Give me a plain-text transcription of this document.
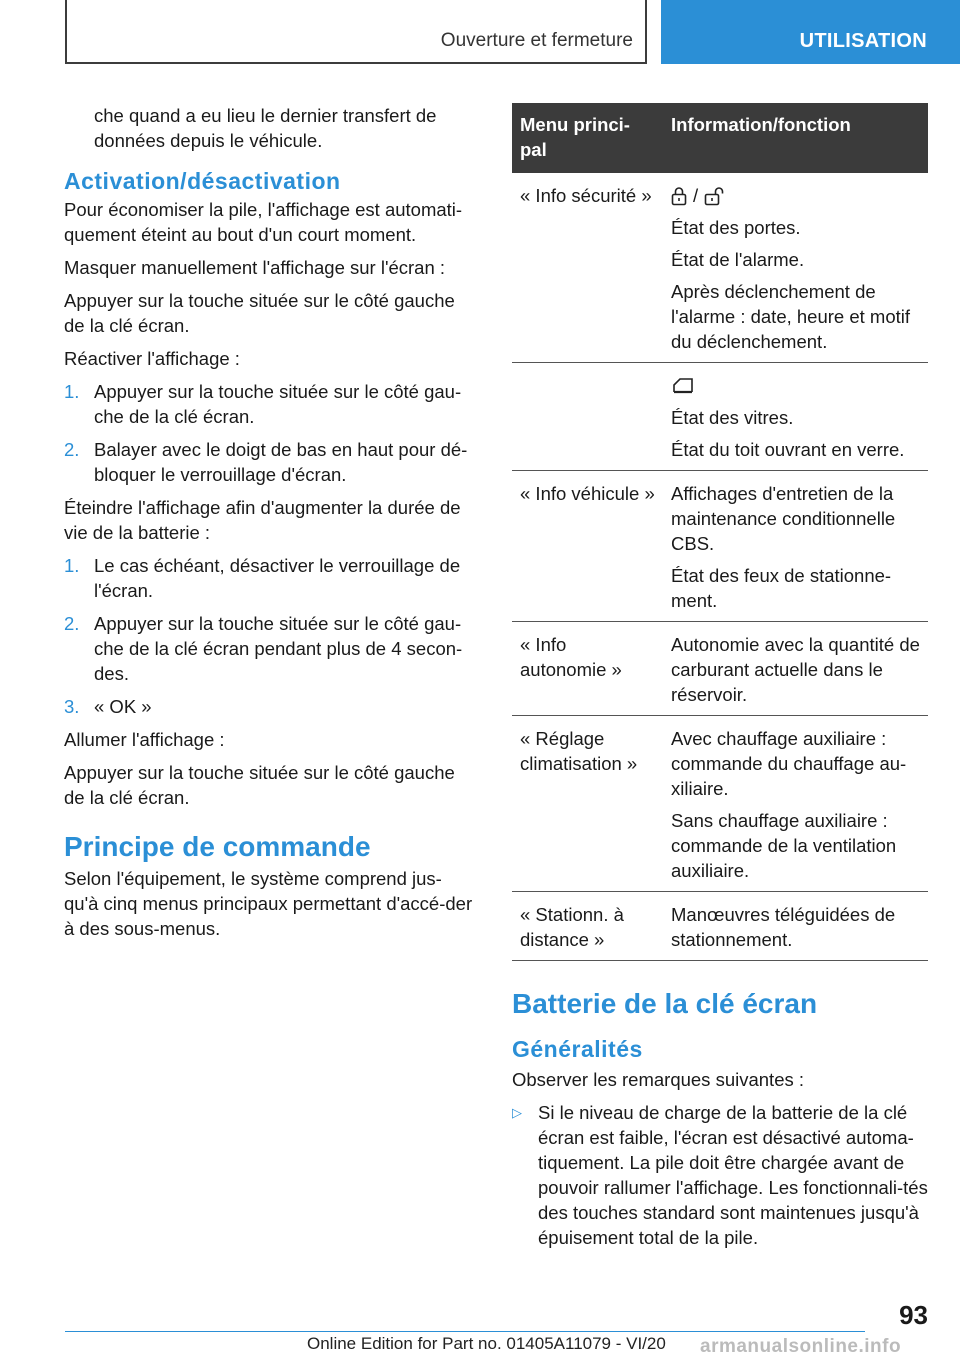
Ouverture et fermeture	UTILISATION

che quand a eu lieu le dernier transfert de données depuis le véhicule.

Activation/désactivation

Pour économiser la pile, l'affichage est automati-quement éteint au bout d'un court moment.

Masquer manuellement l'affichage sur l'écran :

Appuyer sur la touche située sur le côté gauche de la clé écran.

Réactiver l'affichage :

1. Appuyer sur la touche située sur le côté gau-che de la clé écran.
2. Balayer avec le doigt de bas en haut pour dé-bloquer le verrouillage d'écran.

Éteindre l'affichage afin d'augmenter la durée de vie de la batterie :

1. Le cas échéant, désactiver le verrouillage de l'écran.
2. Appuyer sur la touche située sur le côté gau-che de la clé écran pendant plus de 4 secon-des.
3. « OK »

Allumer l'affichage :

Appuyer sur la touche située sur le côté gauche de la clé écran.

Principe de commande

Selon l'équipement, le système comprend jus-qu'à cinq menus principaux permettant d'accé-der à des sous-menus.

Menu princi-pal	Information/fonction
« Info sécurité »	/

État des portes.

État de l'alarme.

Après déclenchement de l'alarme : date, heure et motif du déclenchement.

	État des vitres.

État du toit ouvrant en verre.

« Info véhicule »	Affichages d'entretien de la maintenance conditionnelle CBS.

État des feux de stationne-ment.

« Info autonomie »	Autonomie avec la quantité de carburant actuelle dans le réservoir.

« Réglage climatisation »	Avec chauffage auxiliaire : commande du chauffage au-xiliaire.

Sans chauffage auxiliaire : commande de la ventilation auxiliaire.

« Stationn. à distance »	Manœuvres téléguidées de stationnement.

Batterie de la clé écran
Généralités

Observer les remarques suivantes :

▷ Si le niveau de charge de la batterie de la clé écran est faible, l'écran est désactivé automa-tiquement. La pile doit être chargée avant de pouvoir rallumer l'affichage. Les fonctionnali-tés des touches standard sont maintenues jusqu'à épuisement total de la pile.
93
Online Edition for Part no. 01405A11079 - VI/20 armanualsonline.info
